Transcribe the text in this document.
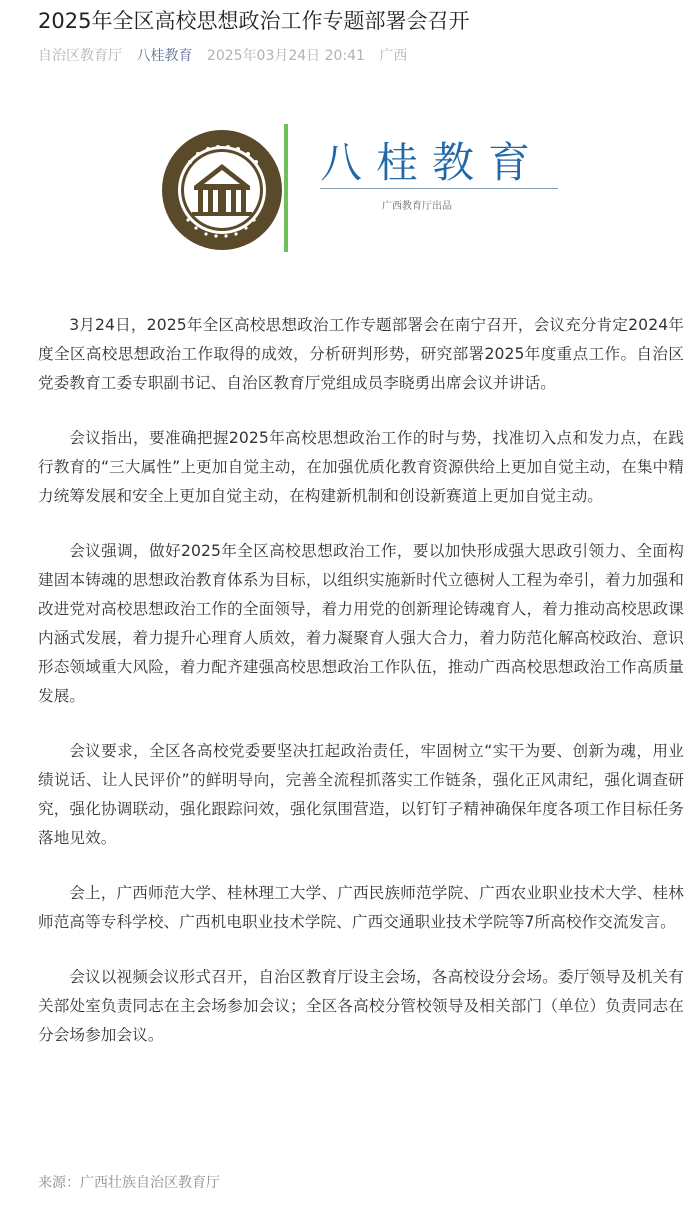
2025年全区高校思想政治工作专题部署会召开
自治区教育厅 八桂教育 2025年03月24日 20:41 广西
八桂教育
广西教育厅出品

3月24日，2025年全区高校思想政治工作专题部署会在南宁召开，会议充分肯定2024年度全区高校思想政治工作取得的成效，分析研判形势，研究部署2025年度重点工作。自治区党委教育工委专职副书记、自治区教育厅党组成员李晓勇出席会议并讲话。

会议指出，要准确把握2025年高校思想政治工作的时与势，找准切入点和发力点，在践行教育的“三大属性”上更加自觉主动，在加强优质化教育资源供给上更加自觉主动，在集中精力统筹发展和安全上更加自觉主动，在构建新机制和创设新赛道上更加自觉主动。

会议强调，做好2025年全区高校思想政治工作，要以加快形成强大思政引领力、全面构建固本铸魂的思想政治教育体系为目标，以组织实施新时代立德树人工程为牵引，着力加强和改进党对高校思想政治工作的全面领导，着力用党的创新理论铸魂育人，着力推动高校思政课内涵式发展，着力提升心理育人质效，着力凝聚育人强大合力，着力防范化解高校政治、意识形态领域重大风险，着力配齐建强高校思想政治工作队伍，推动广西高校思想政治工作高质量发展。

会议要求，全区各高校党委要坚决扛起政治责任，牢固树立“实干为要、创新为魂，用业绩说话、让人民评价”的鲜明导向，完善全流程抓落实工作链条，强化正风肃纪，强化调查研究，强化协调联动，强化跟踪问效，强化氛围营造，以钉钉子精神确保年度各项工作目标任务落地见效。

会上，广西师范大学、桂林理工大学、广西民族师范学院、广西农业职业技术大学、桂林师范高等专科学校、广西机电职业技术学院、广西交通职业技术学院等7所高校作交流发言。

会议以视频会议形式召开，自治区教育厅设主会场，各高校设分会场。委厅领导及机关有关部处室负责同志在主会场参加会议；全区各高校分管校领导及相关部门（单位）负责同志在分会场参加会议。

来源：广西壮族自治区教育厅
